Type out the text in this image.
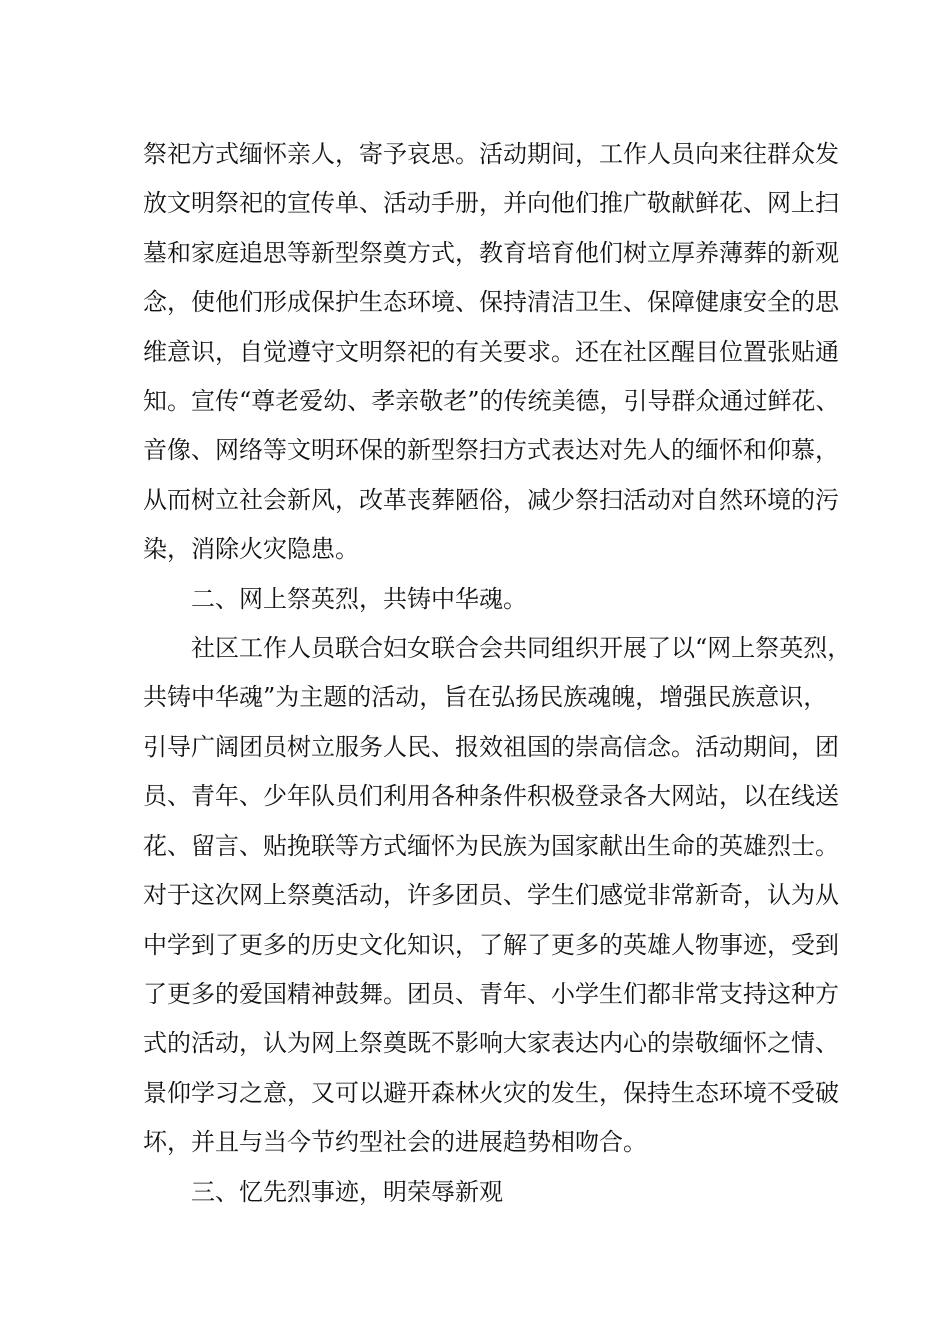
祭祀方式缅怀亲人，寄予哀思。活动期间，工作人员向来往群众发
放文明祭祀的宣传单、活动手册，并向他们推广敬献鲜花、网上扫
墓和家庭追思等新型祭奠方式，教育培育他们树立厚养薄葬的新观
念，使他们形成保护生态环境、保持清洁卫生、保障健康安全的思
维意识，自觉遵守文明祭祀的有关要求。还在社区醒目位置张贴通
知。宣传“尊老爱幼、孝亲敬老”的传统美德，引导群众通过鲜花、
音像、网络等文明环保的新型祭扫方式表达对先人的缅怀和仰慕，
从而树立社会新风，改革丧葬陋俗，减少祭扫活动对自然环境的污
染，消除火灾隐患。
二、网上祭英烈，共铸中华魂。
社区工作人员联合妇女联合会共同组织开展了以“网上祭英烈，
共铸中华魂”为主题的活动，旨在弘扬民族魂魄，增强民族意识，
引导广阔团员树立服务人民、报效祖国的崇高信念。活动期间，团
员、青年、少年队员们利用各种条件积极登录各大网站，以在线送
花、留言、贴挽联等方式缅怀为民族为国家献出生命的英雄烈士。
对于这次网上祭奠活动，许多团员、学生们感觉非常新奇，认为从
中学到了更多的历史文化知识，了解了更多的英雄人物事迹，受到
了更多的爱国精神鼓舞。团员、青年、小学生们都非常支持这种方
式的活动，认为网上祭奠既不影响大家表达内心的崇敬缅怀之情、
景仰学习之意，又可以避开森林火灾的发生，保持生态环境不受破
坏，并且与当今节约型社会的进展趋势相吻合。
三、忆先烈事迹，明荣辱新观
